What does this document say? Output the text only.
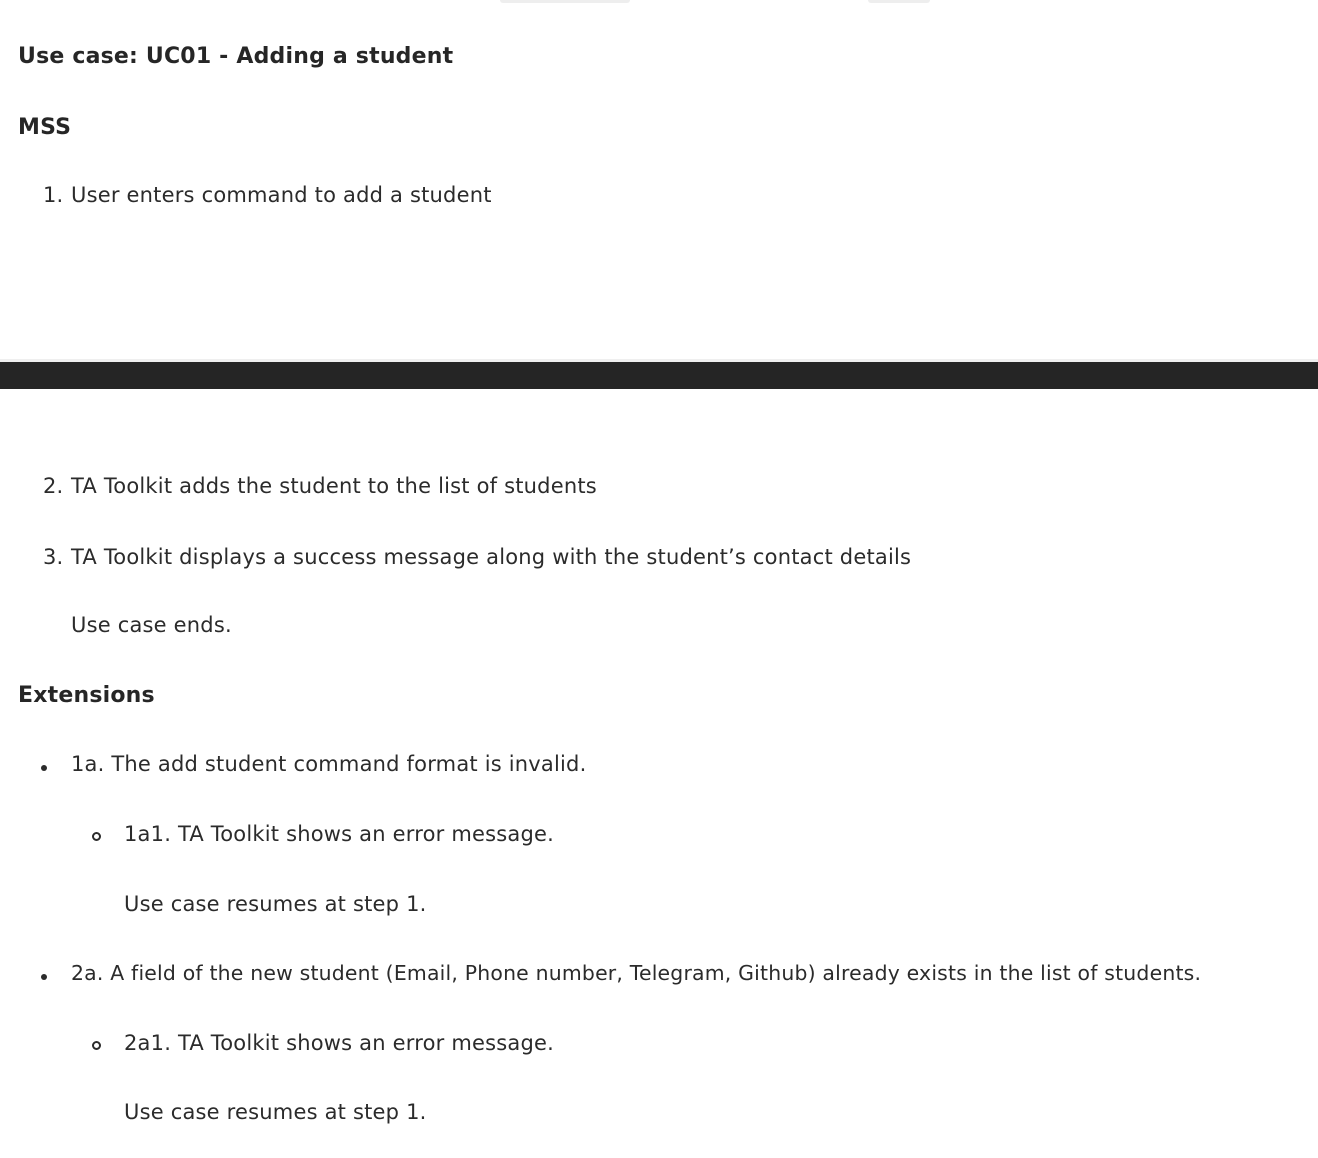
Use case: UC01 - Adding a student
MSS
1. User enters command to add a student

2. TA Toolkit adds the student to the list of students

3. TA Toolkit displays a success message along with the student’s contact details

Use case ends.

Extensions

1a. The add student command format is invalid.

1a1. TA Toolkit shows an error message.

Use case resumes at step 1.

2a. A field of the new student (Email, Phone number, Telegram, Github) already exists in the list of students.

2a1. TA Toolkit shows an error message.

Use case resumes at step 1.
